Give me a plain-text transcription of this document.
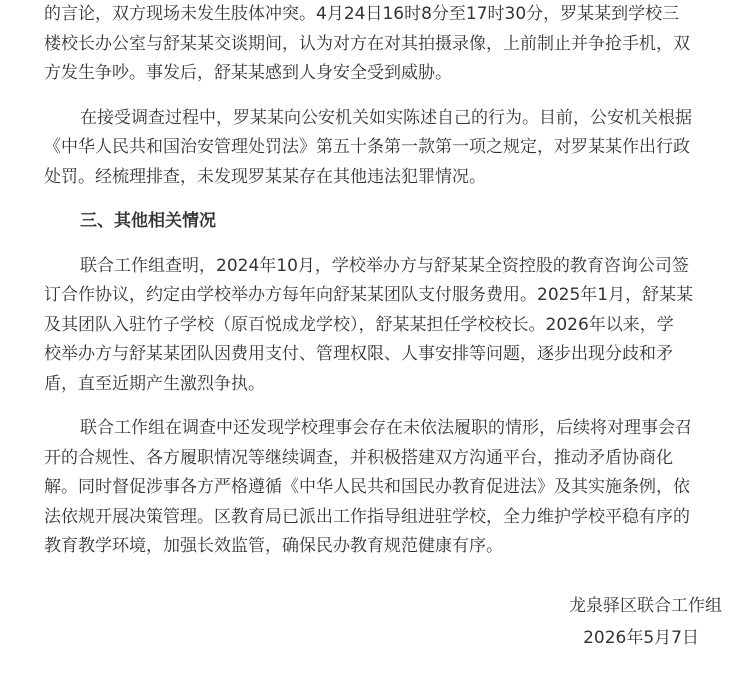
的言论，双方现场未发生肢体冲突。4月24日16时8分至17时30分，罗某某到学校三
楼校长办公室与舒某某交谈期间，认为对方在对其拍摄录像，上前制止并争抢手机，双
方发生争吵。事发后，舒某某感到人身安全受到威胁。
在接受调查过程中，罗某某向公安机关如实陈述自己的行为。目前，公安机关根据
《中华人民共和国治安管理处罚法》第五十条第一款第一项之规定，对罗某某作出行政
处罚。经梳理排查，未发现罗某某存在其他违法犯罪情况。
三、其他相关情况
联合工作组查明，2024年10月，学校举办方与舒某某全资控股的教育咨询公司签
订合作协议，约定由学校举办方每年向舒某某团队支付服务费用。2025年1月，舒某某
及其团队入驻竹子学校（原百悦成龙学校），舒某某担任学校校长。2026年以来，学
校举办方与舒某某团队因费用支付、管理权限、人事安排等问题，逐步出现分歧和矛
盾，直至近期产生激烈争执。
联合工作组在调查中还发现学校理事会存在未依法履职的情形，后续将对理事会召
开的合规性、各方履职情况等继续调查，并积极搭建双方沟通平台，推动矛盾协商化
解。同时督促涉事各方严格遵循《中华人民共和国民办教育促进法》及其实施条例，依
法依规开展决策管理。区教育局已派出工作指导组进驻学校，全力维护学校平稳有序的
教育教学环境，加强长效监管，确保民办教育规范健康有序。
龙泉驿区联合工作组
2026年5月7日
